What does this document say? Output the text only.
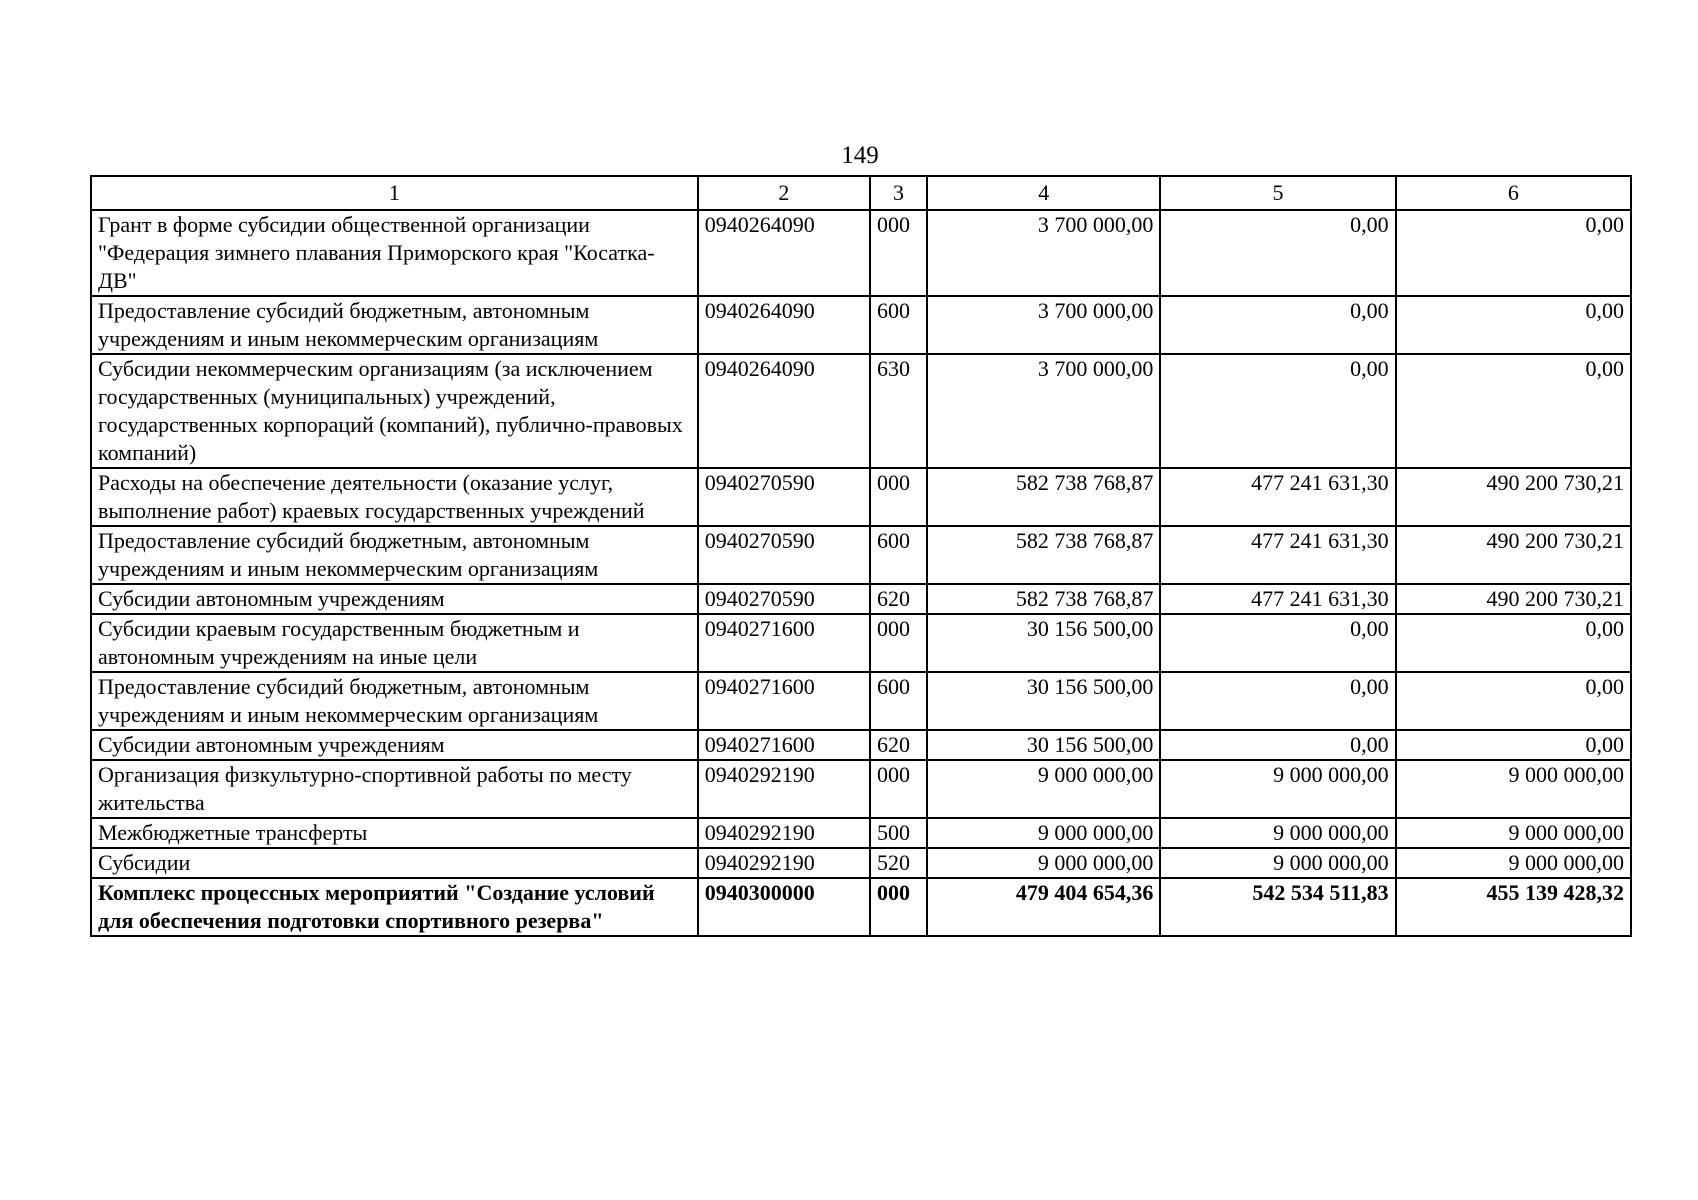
149
1	2	3	4	5	6
Грант в форме субсидии общественной организации "Федерация зимнего плавания Приморского края "Косатка-ДВ"	0940264090	000	3 700 000,00	0,00	0,00
Предоставление субсидий бюджетным, автономным учреждениям и иным некоммерческим организациям	0940264090	600	3 700 000,00	0,00	0,00
Субсидии некоммерческим организациям (за исключением государственных (муниципальных) учреждений, государственных корпораций (компаний), публично-правовых компаний)	0940264090	630	3 700 000,00	0,00	0,00
Расходы на обеспечение деятельности (оказание услуг, выполнение работ) краевых государственных учреждений	0940270590	000	582 738 768,87	477 241 631,30	490 200 730,21
Предоставление субсидий бюджетным, автономным учреждениям и иным некоммерческим организациям	0940270590	600	582 738 768,87	477 241 631,30	490 200 730,21
Субсидии автономным учреждениям	0940270590	620	582 738 768,87	477 241 631,30	490 200 730,21
Субсидии краевым государственным бюджетным и автономным учреждениям на иные цели	0940271600	000	30 156 500,00	0,00	0,00
Предоставление субсидий бюджетным, автономным учреждениям и иным некоммерческим организациям	0940271600	600	30 156 500,00	0,00	0,00
Субсидии автономным учреждениям	0940271600	620	30 156 500,00	0,00	0,00
Организация физкультурно-спортивной работы по месту жительства	0940292190	000	9 000 000,00	9 000 000,00	9 000 000,00
Межбюджетные трансферты	0940292190	500	9 000 000,00	9 000 000,00	9 000 000,00
Субсидии	0940292190	520	9 000 000,00	9 000 000,00	9 000 000,00
Комплекс процессных мероприятий "Создание условий для обеспечения подготовки спортивного резерва"	0940300000	000	479 404 654,36	542 534 511,83	455 139 428,32
